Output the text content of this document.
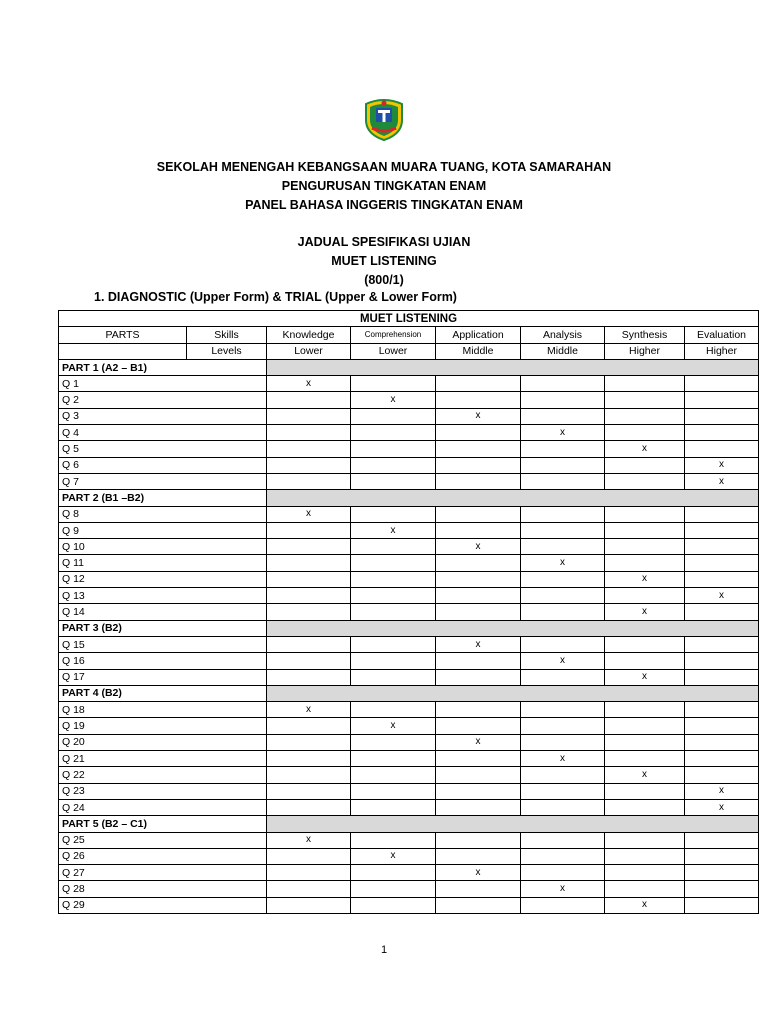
SEKOLAH MENENGAH KEBANGSAAN MUARA TUANG, KOTA SAMARAHAN
PENGURUSAN TINGKATAN ENAM
PANEL BAHASA INGGERIS TINGKATAN ENAM
JADUAL SPESIFIKASI UJIAN
MUET LISTENING
(800/1)
1. DIAGNOSTIC (Upper Form) & TRIAL (Upper & Lower Form)
MUET LISTENING							
PARTS	Skills	Knowledge	Comprehension	Application	Analysis	Synthesis	Evaluation
	Levels	Lower	Lower	Middle	Middle	Higher	Higher
PART 1 (A2 – B1)							
Q 1		x					
Q 2			x				
Q 3				x			
Q 4					x		
Q 5						x	
Q 6							x
Q 7							x
PART 2 (B1 –B2)							
Q 8		x					
Q 9			x				
Q 10				x			
Q 11					x		
Q 12						x	
Q 13							x
Q 14						x	
PART 3 (B2)							
Q 15				x			
Q 16					x		
Q 17						x	
PART 4 (B2)							
Q 18		x					
Q 19			x				
Q 20				x			
Q 21					x		
Q 22						x	
Q 23							x
Q 24							x
PART 5 (B2 – C1)							
Q 25		x					
Q 26			x				
Q 27				x			
Q 28					x		
Q 29						x	
1
